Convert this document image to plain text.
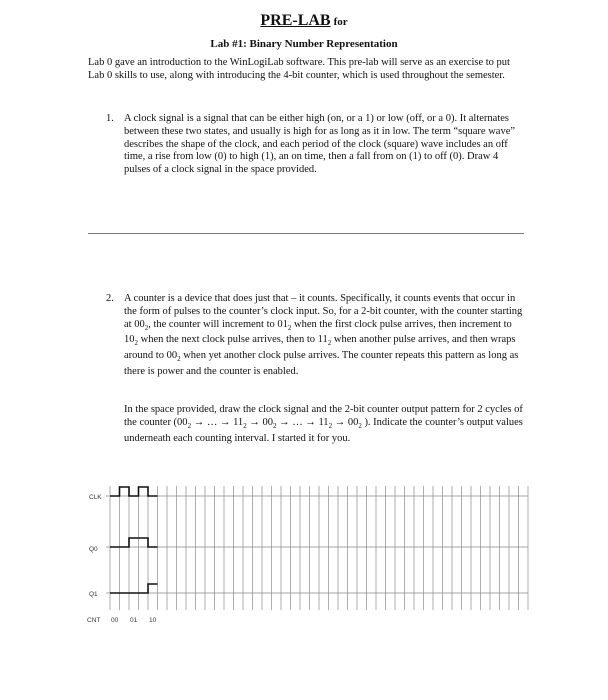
PRE-LAB for
Lab #1: Binary Number Representation
Lab 0 gave an introduction to the WinLogiLab software. This pre-lab will serve as an exercise to put Lab 0 skills to use, along with introducing the 4-bit counter, which is used throughout the semester.
1. A clock signal is a signal that can be either high (on, or a 1) or low (off, or a 0). It alternates between these two states, and usually is high for as long as it in low. The term “square wave” describes the shape of the clock, and each period of the clock (square) wave includes an off time, a rise from low (0) to high (1), an on time, then a fall from on (1) to off (0). Draw 4 pulses of a clock signal in the space provided.
2. A counter is a device that does just that – it counts. Specifically, it counts events that occur in the form of pulses to the counter’s clock input. So, for a 2-bit counter, with the counter starting at $00_2$, the counter will increment to $01_2$ when the first clock pulse arrives, then increment to $10_2$ when the next clock pulse arrives, then to $11_2$ when another pulse arrives, and then wraps around to $00_2$ when yet another clock pulse arrives. The counter repeats this pattern as long as there is power and the counter is enabled.
In the space provided, draw the clock signal and the 2-bit counter output pattern for 2 cycles of the counter ($00_2$ → … → $11_2 \to 00_2$ → … → $11_2 \to 00_2$ ). Indicate the counter’s output values underneath each counting interval. I started it for you.
CLK
Q0
Q1
CNT 00 01 10
